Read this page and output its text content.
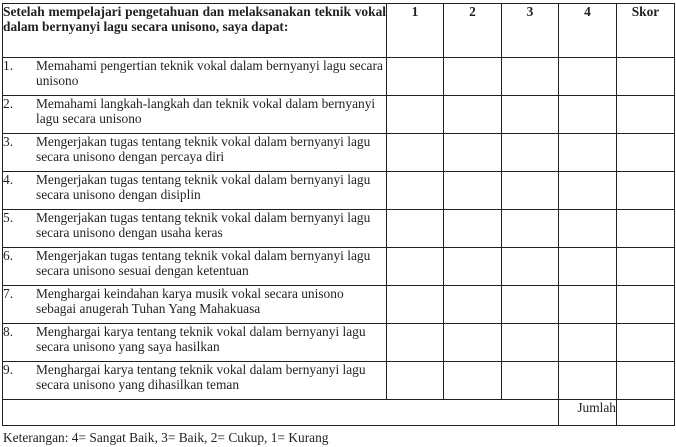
Setelah mempelajari pengetahuan dan melaksanakan teknik vokal dalam bernyanyi lagu secara unisono, saya dapat:	1	2	3	4	Skor

1. Memahami pengertian teknik vokal dalam bernyanyi lagu secara unisono					

2. Memahami langkah-langkah dan teknik vokal dalam bernyanyi lagu secara unisono					

3. Mengerjakan tugas tentang teknik vokal dalam bernyanyi lagu secara unisono dengan percaya diri					

4. Mengerjakan tugas tentang teknik vokal dalam bernyanyi lagu secara unisono dengan disiplin					

5. Mengerjakan tugas tentang teknik vokal dalam bernyanyi lagu secara unisono dengan usaha keras					

6. Mengerjakan tugas tentang teknik vokal dalam bernyanyi lagu secara unisono sesuai dengan ketentuan					

7. Menghargai keindahan karya musik vokal secara unisono sebagai anugerah Tuhan Yang Mahakuasa					

8. Menghargai karya tentang teknik vokal dalam bernyanyi lagu secara unisono yang saya hasilkan					

9. Menghargai karya tentang teknik vokal dalam bernyanyi lagu secara unisono yang dihasilkan teman					

				Jumlah	
Keterangan: 4= Sangat Baik, 3= Baik, 2= Cukup, 1= Kurang
